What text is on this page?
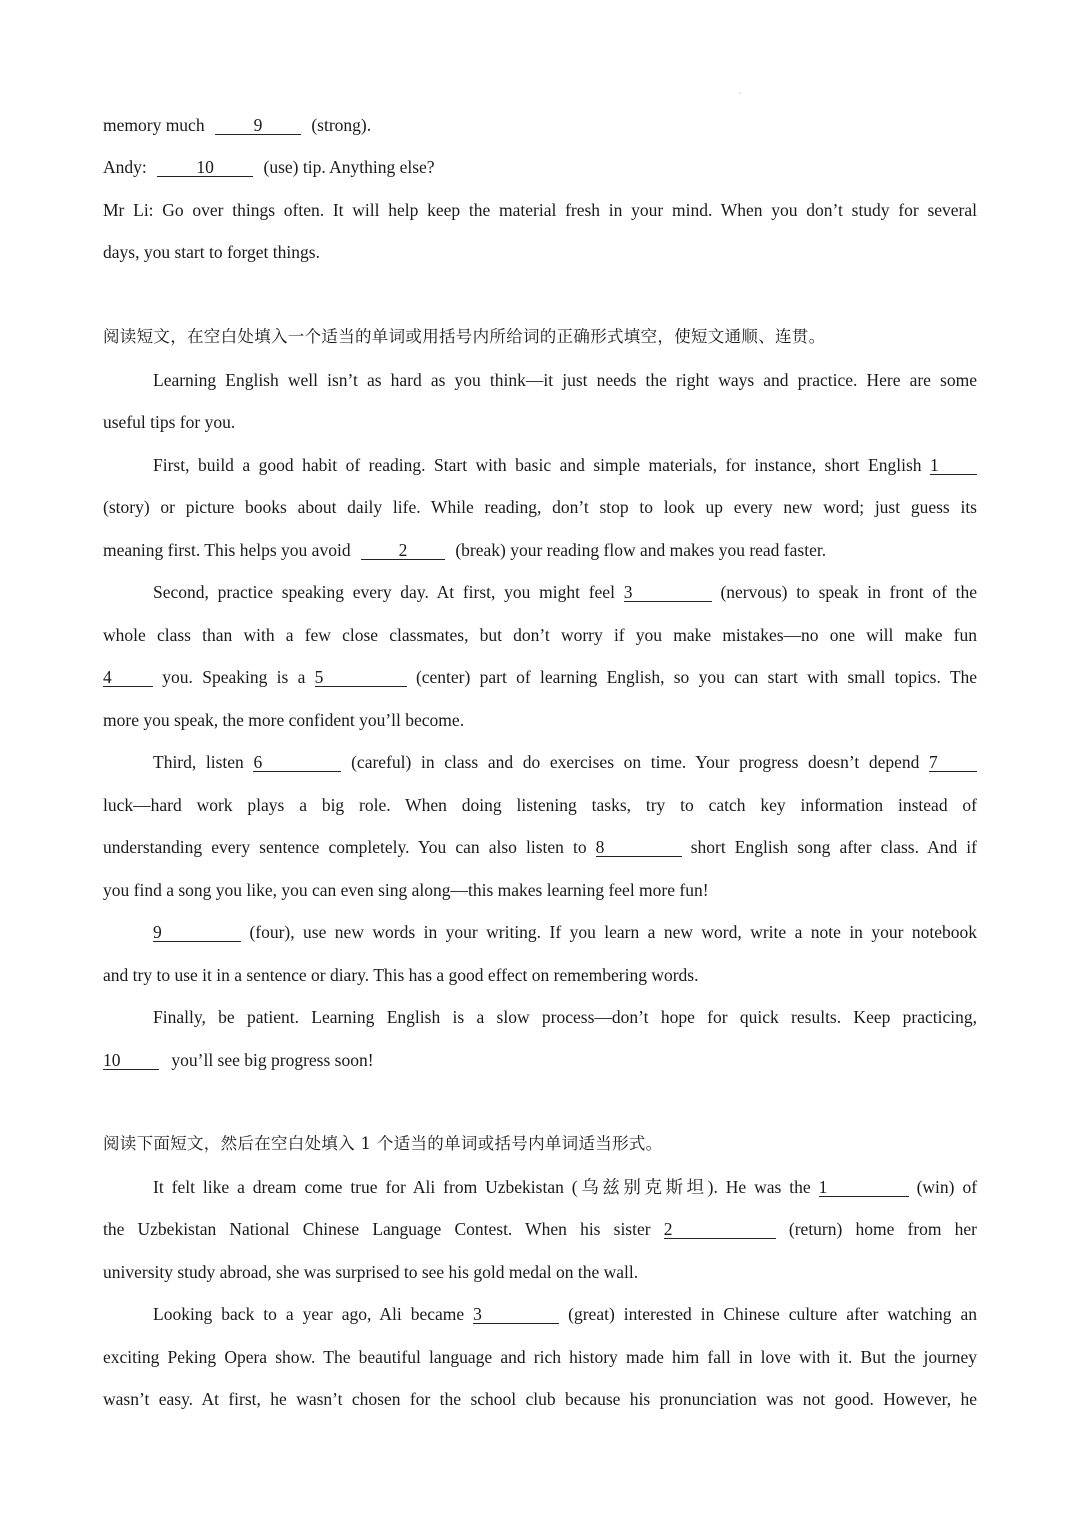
memory much	9	(strong).
Andy:	10	(use) tip. Anything else?
Mr Li: Go over things often. It will help keep the material fresh in your mind. When you don’t study for several
days, you start to forget things.
阅读短文，在空白处填入一个适当的单词或用括号内所给词的正确形式填空，使短文通顺、连贯。
Learning English well isn’t as hard as you think—it just needs the right ways and practice. Here are some
useful tips for you.
First, build a good habit of reading. Start with basic and simple materials, for instance, short English 1
(story) or picture books about daily life. While reading, don’t stop to look up every new word; just guess its
meaning first. This helps you avoid	2	(break) your reading flow and makes you read faster.
Second, practice speaking every day. At first, you might feel 3	(nervous) to speak in front of the
whole class than with a few close classmates, but don’t worry if you make mistakes—no one will make fun
4	you. Speaking is a 5	(center) part of learning English, so you can start with small topics. The
more you speak, the more confident you’ll become.
Third, listen 6	(careful) in class and do exercises on time. Your progress doesn’t depend 7
luck—hard work plays a big role. When doing listening tasks, try to catch key information instead of
understanding every sentence completely. You can also listen to 8	short English song after class. And if
you find a song you like, you can even sing along—this makes learning feel more fun!
9	(four), use new words in your writing. If you learn a new word, write a note in your notebook
and try to use it in a sentence or diary. This has a good effect on remembering words.
Finally, be patient. Learning English is a slow process—don’t hope for quick results. Keep practicing,
10	you’ll see big progress soon!
阅读下面短文，然后在空白处填入 1 个适当的单词或括号内单词适当形式。
It felt like a dream come true for Ali from Uzbekistan (乌兹别克斯坦). He was the 1	(win) of
the Uzbekistan National Chinese Language Contest. When his sister 2	(return) home from her
university study abroad, she was surprised to see his gold medal on the wall.
Looking back to a year ago, Ali became 3	(great) interested in Chinese culture after watching an
exciting Peking Opera show. The beautiful language and rich history made him fall in love with it. But the journey
wasn’t easy. At first, he wasn’t chosen for the school club because his pronunciation was not good. However, he
